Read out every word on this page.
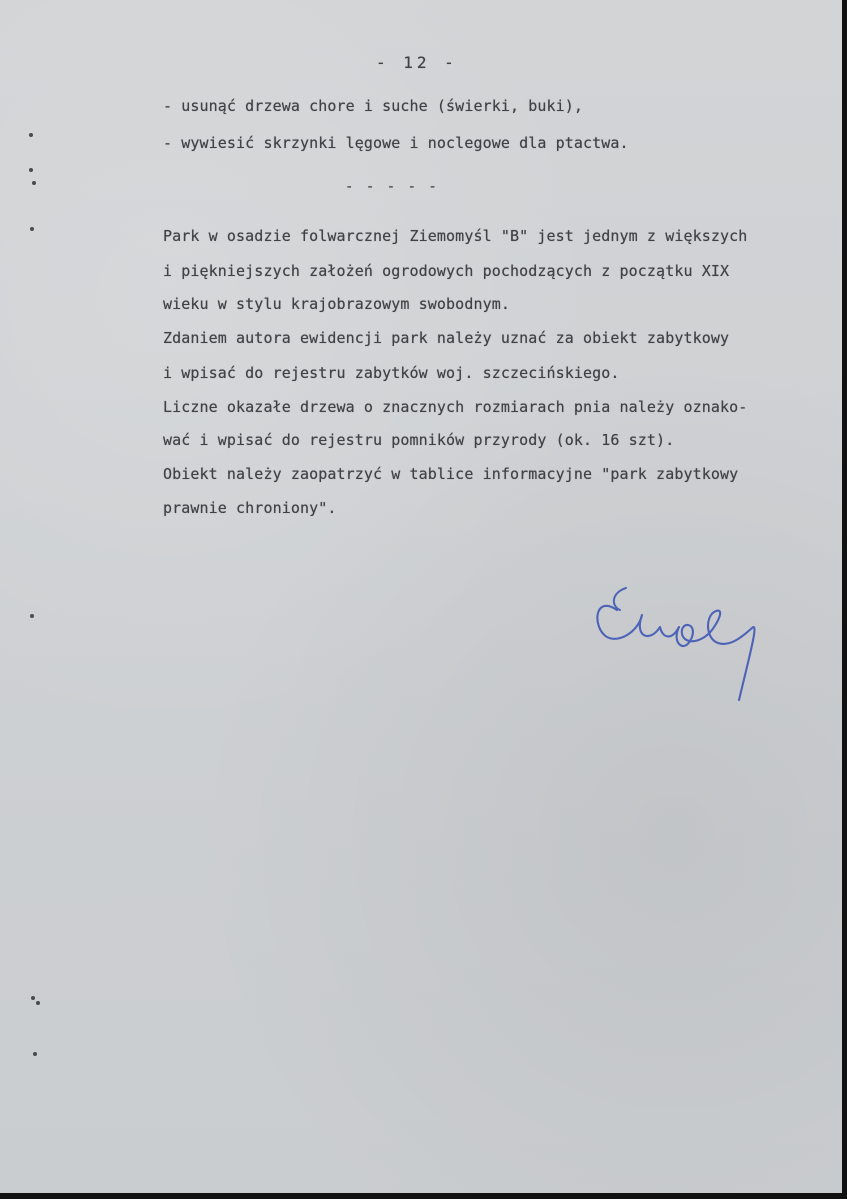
- 12 -
- usunąć drzewa chore i suche (świerki, buki),
- wywiesić skrzynki lęgowe i noclegowe dla ptactwa.
- - - - -
Park w osadzie folwarcznej Ziemomyśl "B" jest jednym z większych
i piękniejszych założeń ogrodowych pochodzących z początku XIX
wieku w stylu krajobrazowym swobodnym.
Zdaniem autora ewidencji park należy uznać za obiekt zabytkowy
i wpisać do rejestru zabytków woj. szczecińskiego.
Liczne okazałe drzewa o znacznych rozmiarach pnia należy oznako-
wać i wpisać do rejestru pomników przyrody (ok. 16 szt).
Obiekt należy zaopatrzyć w tablice informacyjne "park zabytkowy
prawnie chroniony".
